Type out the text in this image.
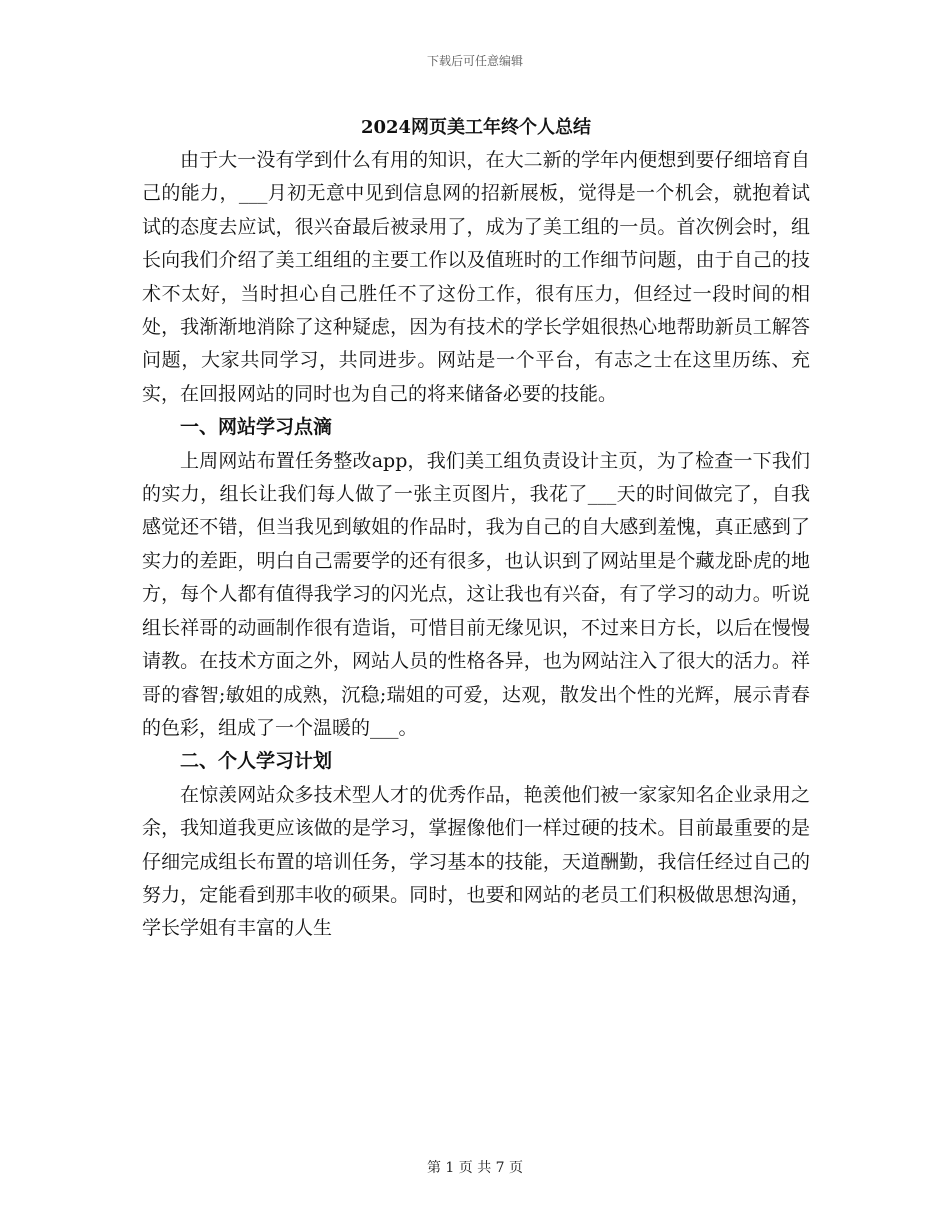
下载后可任意编辑
2024网页美工年终个人总结

由于大一没有学到什么有用的知识，在大二新的学年内便想到要仔细培育自己的能力，___月初无意中见到信息网的招新展板，觉得是一个机会，就抱着试试的态度去应试，很兴奋最后被录用了，成为了美工组的一员。首次例会时，组长向我们介绍了美工组组的主要工作以及值班时的工作细节问题，由于自己的技术不太好，当时担心自己胜任不了这份工作，很有压力，但经过一段时间的相处，我渐渐地消除了这种疑虑，因为有技术的学长学姐很热心地帮助新员工解答问题，大家共同学习，共同进步。网站是一个平台，有志之士在这里历练、充实，在回报网站的同时也为自己的将来储备必要的技能。

一、网站学习点滴

上周网站布置任务整改app，我们美工组负责设计主页，为了检查一下我们的实力，组长让我们每人做了一张主页图片，我花了___天的时间做完了，自我感觉还不错，但当我见到敏姐的作品时，我为自己的自大感到羞愧，真正感到了实力的差距，明白自己需要学的还有很多，也认识到了网站里是个藏龙卧虎的地方，每个人都有值得我学习的闪光点，这让我也有兴奋，有了学习的动力。听说组长祥哥的动画制作很有造诣，可惜目前无缘见识，不过来日方长，以后在慢慢请教。在技术方面之外，网站人员的性格各异，也为网站注入了很大的活力。祥哥的睿智;敏姐的成熟，沉稳;瑞姐的可爱，达观，散发出个性的光辉，展示青春的色彩，组成了一个温暖的___。

二、个人学习计划

在惊羡网站众多技术型人才的优秀作品，艳羡他们被一家家知名企业录用之余，我知道我更应该做的是学习，掌握像他们一样过硬的技术。目前最重要的是仔细完成组长布置的培训任务，学习基本的技能，天道酬勤，我信任经过自己的努力，定能看到那丰收的硕果。同时，也要和网站的老员工们积极做思想沟通，学长学姐有丰富的人生

第 1 页 共 7 页
